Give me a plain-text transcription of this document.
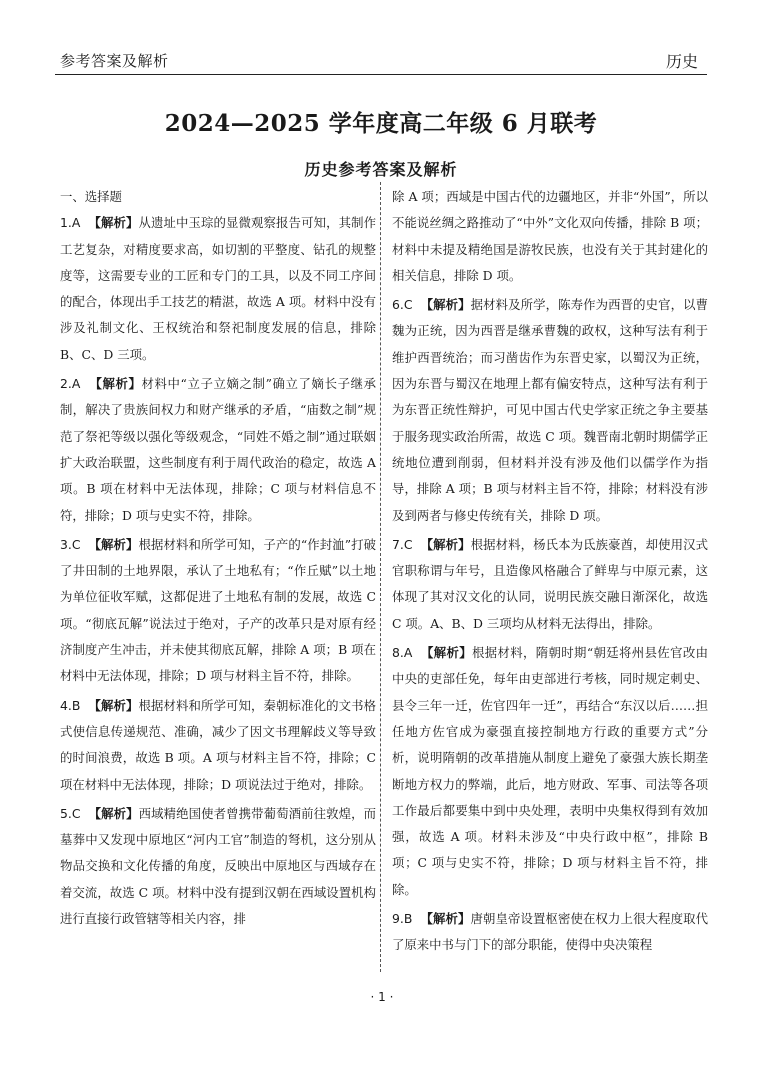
参考答案及解析	历史
2024—2025 学年度高二年级 6 月联考
历史参考答案及解析
一、选择题
1.A 【解析】从遗址中玉琮的显微观察报告可知，其制作工艺复杂，对精度要求高，如切割的平整度、钻孔的规整度等，这需要专业的工匠和专门的工具，以及不同工序间的配合，体现出手工技艺的精湛，故选 A 项。材料中没有涉及礼制文化、王权统治和祭祀制度发展的信息，排除 B、C、D 三项。
2.A 【解析】材料中“立子立嫡之制”确立了嫡长子继承制，解决了贵族间权力和财产继承的矛盾，“庙数之制”规范了祭祀等级以强化等级观念，“同姓不婚之制”通过联姻扩大政治联盟，这些制度有利于周代政治的稳定，故选 A 项。B 项在材料中无法体现，排除；C 项与材料信息不符，排除；D 项与史实不符，排除。
3.C 【解析】根据材料和所学可知，子产的“作封洫”打破了井田制的土地界限，承认了土地私有；“作丘赋”以土地为单位征收军赋，这都促进了土地私有制的发展，故选 C 项。“彻底瓦解”说法过于绝对，子产的改革只是对原有经济制度产生冲击，并未使其彻底瓦解，排除 A 项；B 项在材料中无法体现，排除；D 项与材料主旨不符，排除。
4.B 【解析】根据材料和所学可知，秦朝标准化的文书格式使信息传递规范、准确，减少了因文书理解歧义等导致的时间浪费，故选 B 项。A 项与材料主旨不符，排除；C 项在材料中无法体现，排除；D 项说法过于绝对，排除。
5.C 【解析】西域精绝国使者曾携带葡萄酒前往敦煌，而墓葬中又发现中原地区“河内工官”制造的弩机，这分别从物品交换和文化传播的角度，反映出中原地区与西域存在着交流，故选 C 项。材料中没有提到汉朝在西域设置机构进行直接行政管辖等相关内容，排
除 A 项；西域是中国古代的边疆地区，并非“外国”，所以不能说丝绸之路推动了“中外”文化双向传播，排除 B 项；材料中未提及精绝国是游牧民族，也没有关于其封建化的相关信息，排除 D 项。
6.C 【解析】据材料及所学，陈寿作为西晋的史官，以曹魏为正统，因为西晋是继承曹魏的政权，这种写法有利于维护西晋统治；而习凿齿作为东晋史家，以蜀汉为正统，因为东晋与蜀汉在地理上都有偏安特点，这种写法有利于为东晋正统性辩护，可见中国古代史学家正统之争主要基于服务现实政治所需，故选 C 项。魏晋南北朝时期儒学正统地位遭到削弱，但材料并没有涉及他们以儒学作为指导，排除 A 项；B 项与材料主旨不符，排除；材料没有涉及到两者与修史传统有关，排除 D 项。
7.C 【解析】根据材料，杨氏本为氐族豪酋，却使用汉式官职称谓与年号，且造像风格融合了鲜卑与中原元素，这体现了其对汉文化的认同，说明民族交融日渐深化，故选 C 项。A、B、D 三项均从材料无法得出，排除。
8.A 【解析】根据材料，隋朝时期“朝廷将州县佐官改由中央的吏部任免，每年由吏部进行考核，同时规定刺史、县令三年一迁，佐官四年一迁”，再结合“东汉以后……担任地方佐官成为豪强直接控制地方行政的重要方式”分析，说明隋朝的改革措施从制度上避免了豪强大族长期垄断地方权力的弊端，此后，地方财政、军事、司法等各项工作最后都要集中到中央处理，表明中央集权得到有效加强，故选 A 项。材料未涉及“中央行政中枢”，排除 B 项；C 项与史实不符，排除；D 项与材料主旨不符，排除。
9.B 【解析】唐朝皇帝设置枢密使在权力上很大程度取代了原来中书与门下的部分职能，使得中央决策程
· 1 ·
